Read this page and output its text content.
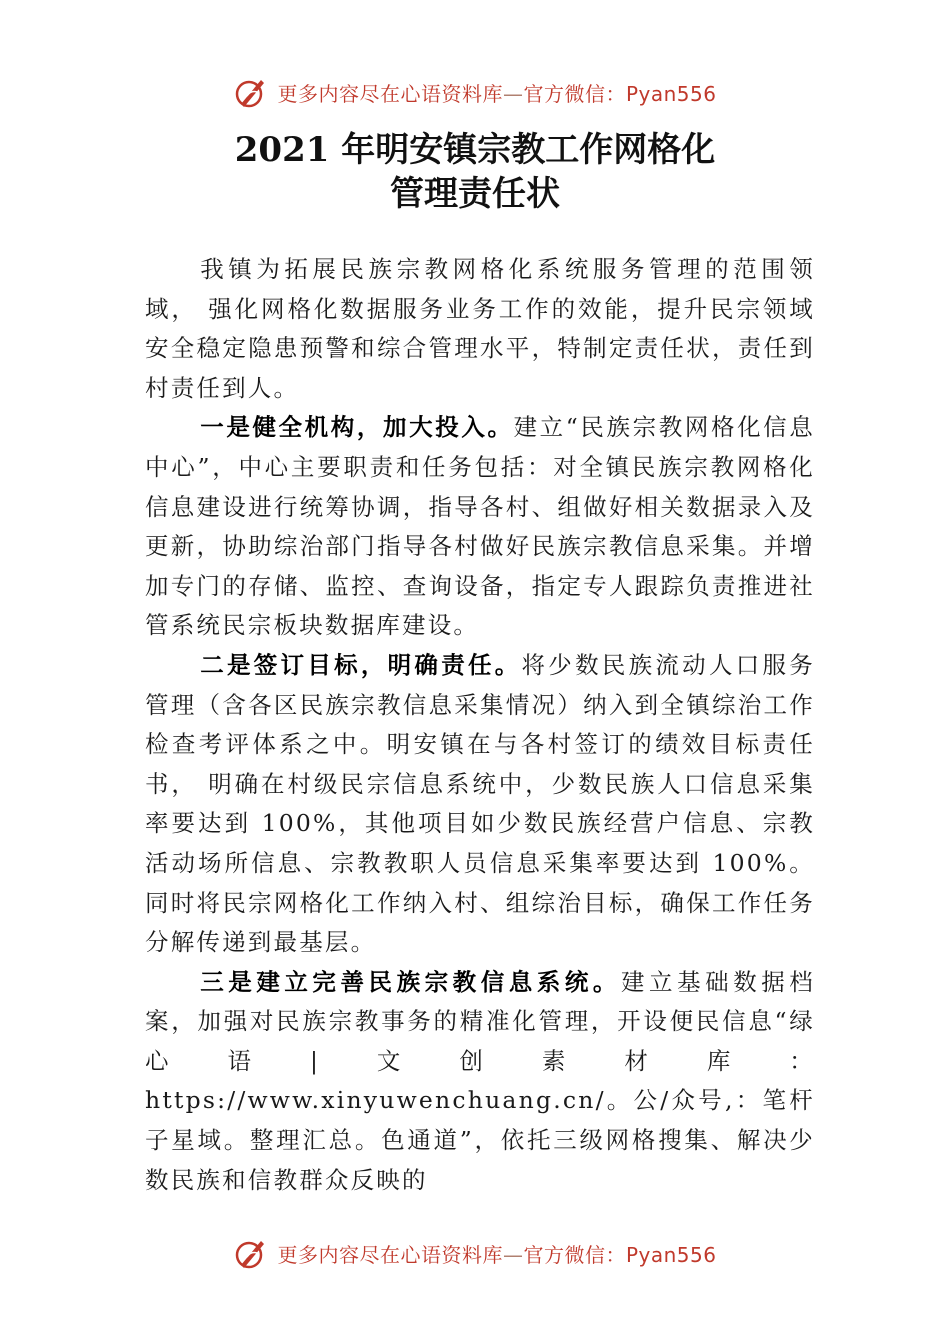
更多内容尽在心语资料库—官方微信：Pyan556
2021 年明安镇宗教工作网格化
管理责任状

我镇为拓展民族宗教网格化系统服务管理的范围领域， 强化网格化数据服务业务工作的效能，提升民宗领域安全稳定隐患预警和综合管理水平，特制定责任状，责任到村责任到人。

一是健全机构，加大投入。建立“民族宗教网格化信息中心”，中心主要职责和任务包括：对全镇民族宗教网格化信息建设进行统筹协调，指导各村、组做好相关数据录入及更新，协助综治部门指导各村做好民族宗教信息采集。并增加专门的存储、监控、查询设备，指定专人跟踪负责推进社管系统民宗板块数据库建设。

二是签订目标，明确责任。将少数民族流动人口服务管理（含各区民族宗教信息采集情况）纳入到全镇综治工作检查考评体系之中。明安镇在与各村签订的绩效目标责任书， 明确在村级民宗信息系统中，少数民族人口信息采集率要达到 100%，其他项目如少数民族经营户信息、宗教活动场所信息、宗教教职人员信息采集率要达到 100%。同时将民宗网格化工作纳入村、组综治目标，确保工作任务分解传递到最基层。

三是建立完善民族宗教信息系统。建立基础数据档案，加强对民族宗教事务的精准化管理，开设便民信息“绿心语|文创素材库：https://www.xinyuwenchuang.cn/。公/众号,：笔杆子星域。整理汇总。色通道”，依托三级网格搜集、解决少数民族和信教群众反映的

更多内容尽在心语资料库—官方微信：Pyan556
